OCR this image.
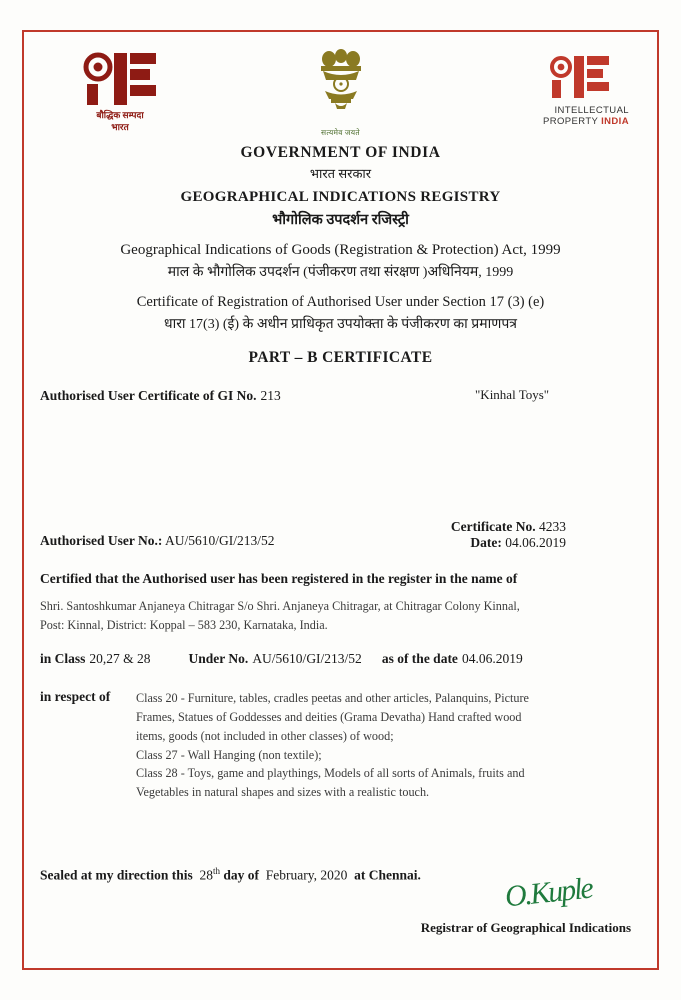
बौद्धिक सम्पदा
भारत
सत्यमेव जयते
INTELLECTUAL
PROPERTY INDIA
GOVERNMENT OF INDIA
भारत सरकार
GEOGRAPHICAL INDICATIONS REGISTRY
भौगोलिक उपदर्शन रजिस्ट्री
Geographical Indications of Goods (Registration & Protection) Act, 1999
माल के भौगोलिक उपदर्शन (पंजीकरण तथा संरक्षण )अधिनियम, 1999
Certificate of Registration of Authorised User under Section 17 (3) (e)
धारा 17(3) (ई) के अधीन प्राधिकृत उपयोक्ता के पंजीकरण का प्रमाणपत्र
PART – B CERTIFICATE
Authorised User Certificate of GI No. 213	"Kinhal Toys"
Certificate No. 4233
Date: 04.06.2019
Authorised User No.: AU/5610/GI/213/52
Certified that the Authorised user has been registered in the register in the name of
Shri. Santoshkumar Anjaneya Chitragar S/o Shri. Anjaneya Chitragar, at Chitragar Colony Kinnal,
Post: Kinnal, District: Koppal – 583 230, Karnataka, India.
in Class 20,27 & 28	Under No. AU/5610/GI/213/52 as of the date 04.06.2019
in respect of Class 20 - Furniture, tables, cradles peetas and other articles, Palanquins, Picture
Frames, Statues of Goddesses and deities (Grama Devatha) Hand crafted wood
items, goods (not included in other classes) of wood;
Class 27 - Wall Hanging (non textile);
Class 28 - Toys, game and playthings, Models of all sorts of Animals, fruits and
Vegetables in natural shapes and sizes with a realistic touch.
Sealed at my direction this 28th day of February, 2020 at Chennai.	O.Kuple
Registrar of Geographical Indications
